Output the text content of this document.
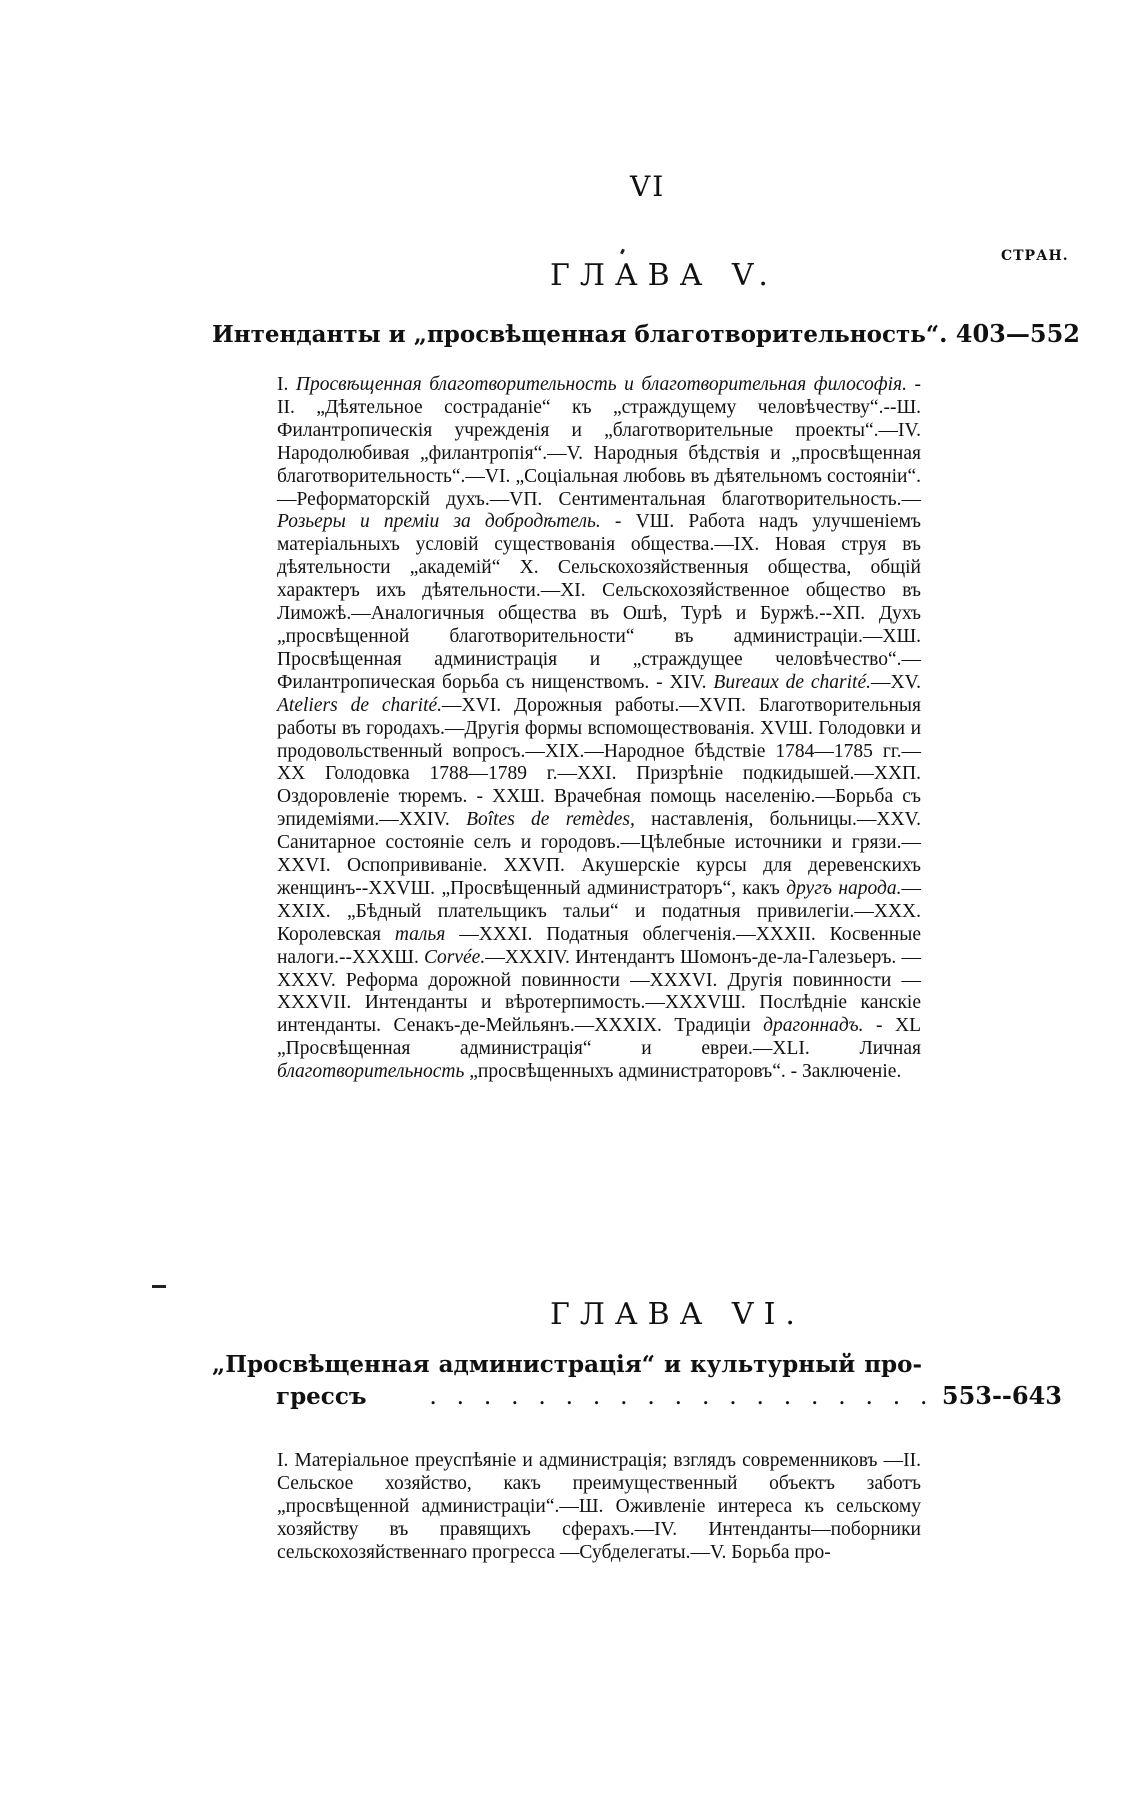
VI
СТРАН.
ГЛАВА V.
Интенданты и „просвѣщенная благотворительность“ . 403—552
I. Просвѣщенная благотворительность и благотворительная философія. -II. „Дѣятельное состраданіе“ къ „страждущему человѣчеству“.--Ш. Филантропическія учрежденія и „благотворительные проекты“.—IV. Народолюбивая „филантропія“.—V. Народныя бѣдствія и „просвѣщенная благотворительность“.—VI. „Соціальная любовь въ дѣятельномъ состояніи“.—Реформаторскій духъ.—VП. Сентиментальная благотворительность.—Розьеры и преміи за добродѣтель. - VШ. Работа надъ улучшеніемъ матеріальныхъ условій существованія общества.—IX. Новая струя въ дѣятельности „академій“ X. Сельскохозяйственныя общества, общій характеръ ихъ дѣятельности.—XI. Сельскохозяйственное общество въ Лиможѣ.—Аналогичныя общества въ Ошѣ, Турѣ и Буржѣ.--XП. Духъ „просвѣщенной благотворительности“ въ администраціи.—XШ. Просвѣщенная администрація и „страждущее человѣчество“.—Филантропическая борьба съ нищенствомъ. - XIV. Bureaux de charité.—XV. Ateliers de charité.—XVI. Дорожныя работы.—XVП. Благотворительныя работы въ городахъ.—Другія формы вспомоществованія. XVШ. Голодовки и продовольственный вопросъ.—XIX.—Народное бѣдствіе 1784—1785 гг.—XX Голодовка 1788—1789 г.—XXI. Призрѣніе подкидышей.—XXП. Оздоровленіе тюремъ. - XXШ. Врачебная помощь населенію.—Борьба съ эпидеміями.—XXIV. Boîtes de remèdes, наставленія, больницы.—XXV. Санитарное состояніе селъ и городовъ.—Цѣлебные источники и грязи.—XXVI. Оспопрививаніе. XXVП. Акушерскіе курсы для деревенскихъ женщинъ--XXVШ. „Просвѣщенный администраторъ“, какъ другъ народа.—XXIX. „Бѣдный плательщикъ тальи“ и податныя привилегіи.—XXX. Королевская талья —XXXI. Податныя облегченія.—XXXII. Косвенные налоги.--XXXШ. Corvée.—XXXIV. Интендантъ Шомонъ-де-ла-Галезьеръ. — XXXV. Реформа дорожной повинности —XXXVI. Другія повинности —XXXVII. Интенданты и вѣротерпимость.—XXXVШ. Послѣдніе канскіе интенданты. Сенакъ-де-Мейльянъ.—XXXIX. Традиціи драгоннадъ. - XL „Просвѣщенная администрація“ и евреи.—XLI. Личная благотворительность „просвѣщенныхъ администраторовъ“. - Заключеніе.
ГЛАВА VI.
„Просвѣщенная администрація“ и культурный про-
грессъ	. . . . . . . . . . . . . . . . . . . 553--643
I. Матеріальное преуспѣяніе и администрація; взглядъ современниковъ —II. Сельское хозяйство, какъ преимущественный объектъ заботъ „просвѣщенной администраціи“.—Ш. Оживленіе интереса къ сельскому хозяйству въ правящихъ сферахъ.—IV. Интенданты—поборники сельскохозяйственнаго прогресса —Субделегаты.—V. Борьба про-
